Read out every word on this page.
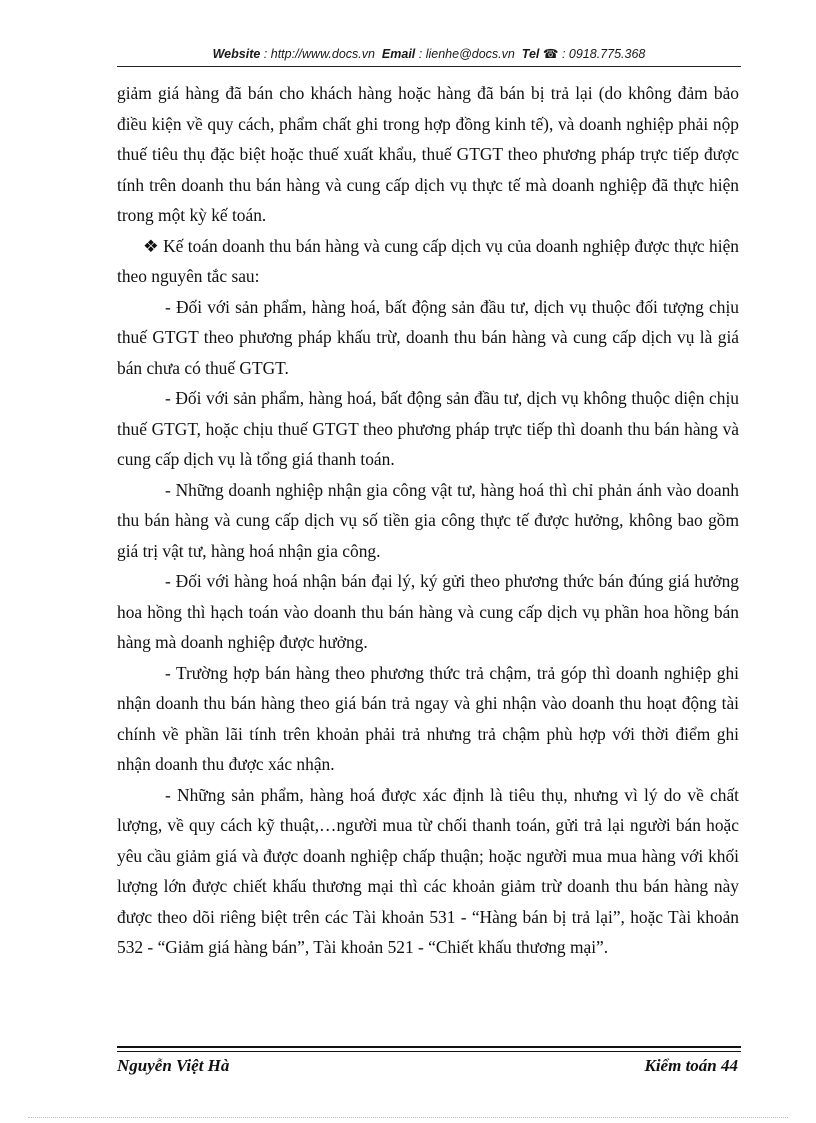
Website : http://www.docs.vn Email : lienhe@docs.vn Tel ☎ : 0918.775.368

giảm giá hàng đã bán cho khách hàng hoặc hàng đã bán bị trả lại (do không đảm bảo điều kiện về quy cách, phẩm chất ghi trong hợp đồng kinh tế), và doanh nghiệp phải nộp thuế tiêu thụ đặc biệt hoặc thuế xuất khẩu, thuế GTGT theo phương pháp trực tiếp được tính trên doanh thu bán hàng và cung cấp dịch vụ thực tế mà doanh nghiệp đã thực hiện trong một kỳ kế toán.

❖ Kế toán doanh thu bán hàng và cung cấp dịch vụ của doanh nghiệp được thực hiện theo nguyên tắc sau:

- Đối với sản phẩm, hàng hoá, bất động sản đầu tư, dịch vụ thuộc đối tượng chịu thuế GTGT theo phương pháp khấu trừ, doanh thu bán hàng và cung cấp dịch vụ là giá bán chưa có thuế GTGT.

- Đối với sản phẩm, hàng hoá, bất động sản đầu tư, dịch vụ không thuộc diện chịu thuế GTGT, hoặc chịu thuế GTGT theo phương pháp trực tiếp thì doanh thu bán hàng và cung cấp dịch vụ là tổng giá thanh toán.

- Những doanh nghiệp nhận gia công vật tư, hàng hoá thì chỉ phản ánh vào doanh thu bán hàng và cung cấp dịch vụ số tiền gia công thực tế được hưởng, không bao gồm giá trị vật tư, hàng hoá nhận gia công.

- Đối với hàng hoá nhận bán đại lý, ký gửi theo phương thức bán đúng giá hưởng hoa hồng thì hạch toán vào doanh thu bán hàng và cung cấp dịch vụ phần hoa hồng bán hàng mà doanh nghiệp được hưởng.

- Trường hợp bán hàng theo phương thức trả chậm, trả góp thì doanh nghiệp ghi nhận doanh thu bán hàng theo giá bán trả ngay và ghi nhận vào doanh thu hoạt động tài chính về phần lãi tính trên khoản phải trả nhưng trả chậm phù hợp với thời điểm ghi nhận doanh thu được xác nhận.

- Những sản phẩm, hàng hoá được xác định là tiêu thụ, nhưng vì lý do về chất lượng, về quy cách kỹ thuật,…người mua từ chối thanh toán, gửi trả lại người bán hoặc yêu cầu giảm giá và được doanh nghiệp chấp thuận; hoặc người mua mua hàng với khối lượng lớn được chiết khấu thương mại thì các khoản giảm trừ doanh thu bán hàng này được theo dõi riêng biệt trên các Tài khoản 531 - “Hàng bán bị trả lại”, hoặc Tài khoản 532 - “Giảm giá hàng bán”, Tài khoản 521 - “Chiết khấu thương mại”.

Nguyễn Việt Hà	Kiểm toán 44
